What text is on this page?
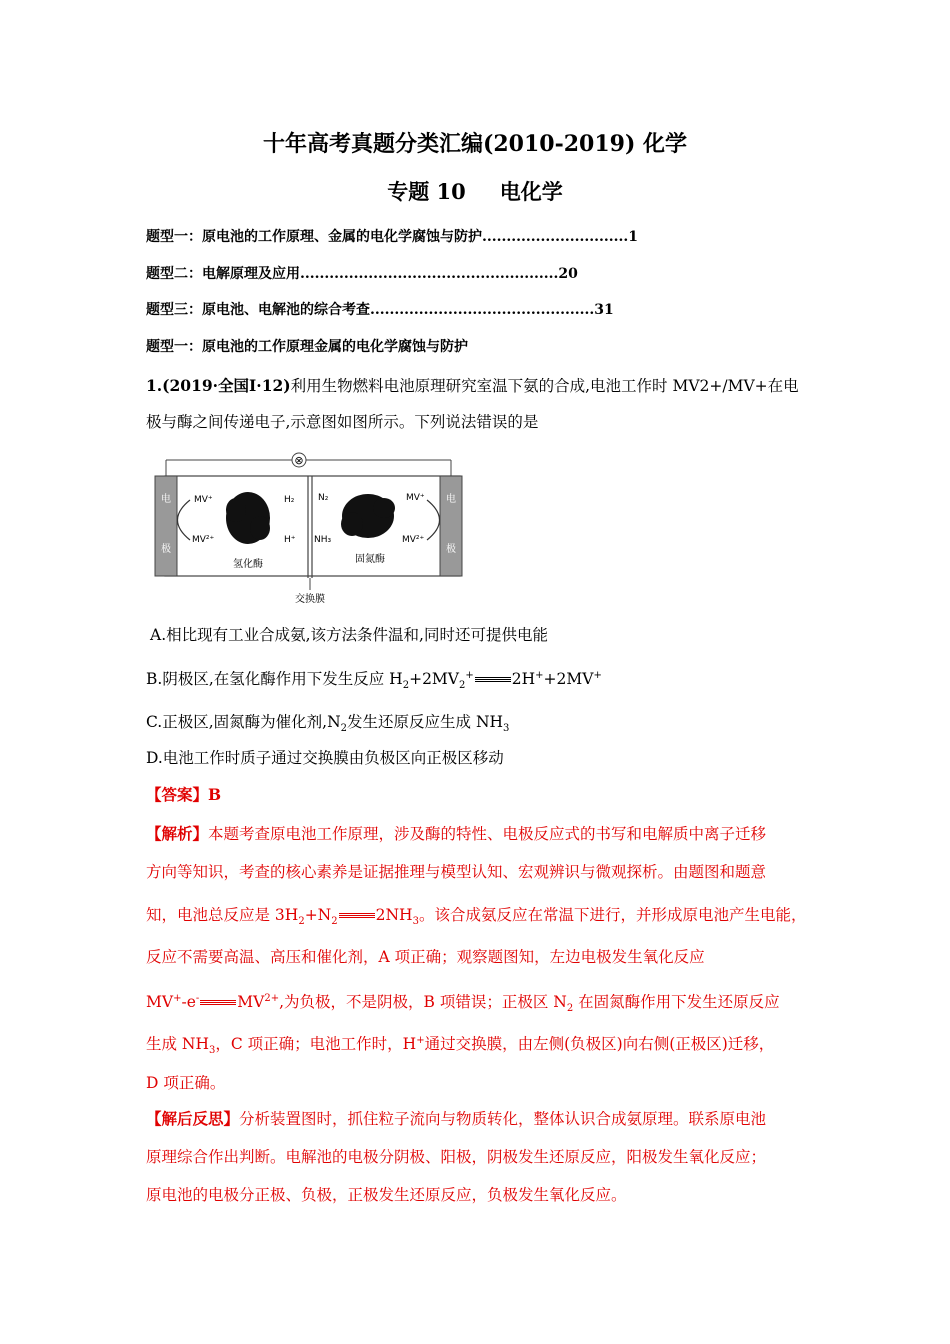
十年高考真题分类汇编(2010-2019) 化学
专题 10 电化学
题型一：原电池的工作原理、金属的电化学腐蚀与防护..............................1
题型二：电解原理及应用.....................................................20
题型三：原电池、电解池的综合考查..............................................31
题型一：原电池的工作原理金属的电化学腐蚀与防护
1.(2019·全国Ⅰ·12)利用生物燃料电池原理研究室温下氨的合成,电池工作时 MV2+/MV+在电
极与酶之间传递电子,示意图如图所示。下列说法错误的是
⊗
电
极
电
极
MV⁺
MV²⁺
H₂
H⁺
N₂
NH₃
MV⁺
MV²⁺
氢化酶	固氮酶
交换膜
A.相比现有工业合成氨,该方法条件温和,同时还可提供电能
B.阴极区,在氢化酶作用下发生反应 $H_2+2MV_2^+$ 2H++2MV+
C.正极区,固氮酶为催化剂$,N_2$发生还原反应生成 $NH_3$
D.电池工作时质子通过交换膜由负极区向正极区移动
【答案】B
【解析】本题考查原电池工作原理，涉及酶的特性、电极反应式的书写和电解质中离子迁移
方向等知识，考查的核心素养是证据推理与模型认知、宏观辨识与微观探析。由题图和题意
知，电池总反应是 $3H_2+N_2$ $2NH_3$。该合成氨反应在常温下进行，并形成原电池产生电能，
反应不需要高温、高压和催化剂，A 项正确；观察题图知，左边电极发生氧化反应
MV+-e- $MV^{2+}$,为负极，不是阴极，B 项错误；正极区 $N_2$ 在固氮酶作用下发生还原反应
生成 $NH_3$，C 项正确；电池工作时，H+通过交换膜，由左侧(负极区)向右侧(正极区)迁移，
D 项正确。
【解后反思】分析装置图时，抓住粒子流向与物质转化，整体认识合成氨原理。联系原电池
原理综合作出判断。电解池的电极分阴极、阳极，阴极发生还原反应，阳极发生氧化反应；
原电池的电极分正极、负极，正极发生还原反应，负极发生氧化反应。
